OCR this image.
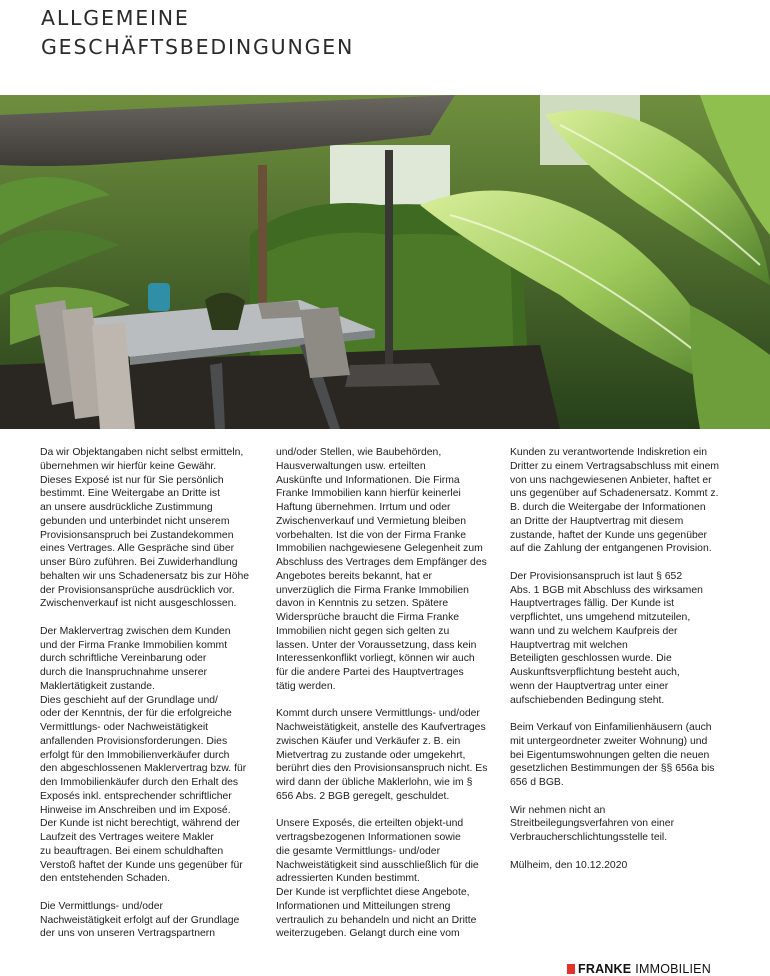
ALLGEMEINE
GESCHÄFTSBEDINGUNGEN

Da wir Objektangaben nicht selbst ermitteln,
übernehmen wir hierfür keine Gewähr.
Dieses Exposé ist nur für Sie persönlich
bestimmt. Eine Weitergabe an Dritte ist
an unsere ausdrückliche Zustimmung
gebunden und unterbindet nicht unserem
Provisionsanspruch bei Zustandekommen
eines Vertrages. Alle Gespräche sind über
unser Büro zuführen. Bei Zuwiderhandlung
behalten wir uns Schadenersatz bis zur Höhe
der Provisionsansprüche ausdrücklich vor.
Zwischenverkauf ist nicht ausgeschlossen.

Der Maklervertrag zwischen dem Kunden
und der Firma Franke Immobilien kommt
durch schriftliche Vereinbarung oder
durch die Inanspruchnahme unserer
Maklertätigkeit zustande.
Dies geschieht auf der Grundlage und/
oder der Kenntnis, der für die erfolgreiche
Vermittlungs- oder Nachweistätigkeit
anfallenden Provisionsforderungen. Dies
erfolgt für den Immobilienverkäufer durch
den abgeschlossenen Maklervertrag bzw. für
den Immobilienkäufer durch den Erhalt des
Exposés inkl. entsprechender schriftlicher
Hinweise im Anschreiben und im Exposé.
Der Kunde ist nicht berechtigt, während der
Laufzeit des Vertrages weitere Makler
zu beauftragen. Bei einem schuldhaften
Verstoß haftet der Kunde uns gegenüber für
den entstehenden Schaden.

Die Vermittlungs- und/oder
Nachweistätigkeit erfolgt auf der Grundlage
der uns von unseren Vertragspartnern

und/oder Stellen, wie Baubehörden,
Hausverwaltungen usw. erteilten
Auskünfte und Informationen. Die Firma
Franke Immobilien kann hierfür keinerlei
Haftung übernehmen. Irrtum und oder
Zwischenverkauf und Vermietung bleiben
vorbehalten. Ist die von der Firma Franke
Immobilien nachgewiesene Gelegenheit zum
Abschluss des Vertrages dem Empfänger des
Angebotes bereits bekannt, hat er
unverzüglich die Firma Franke Immobilien
davon in Kenntnis zu setzen. Spätere
Widersprüche braucht die Firma Franke
Immobilien nicht gegen sich gelten zu
lassen. Unter der Voraussetzung, dass kein
Interessenkonflikt vorliegt, können wir auch
für die andere Partei des Hauptvertrages
tätig werden.

Kommt durch unsere Vermittlungs- und/oder
Nachweistätigkeit, anstelle des Kaufvertrages
zwischen Käufer und Verkäufer z. B. ein
Mietvertrag zu zustande oder umgekehrt,
berührt dies den Provisionsanspruch nicht. Es
wird dann der übliche Maklerlohn, wie im §
656 Abs. 2 BGB geregelt, geschuldet.

Unsere Exposés, die erteilten objekt-und
vertragsbezogenen Informationen sowie
die gesamte Vermittlungs- und/oder
Nachweistätigkeit sind ausschließlich für die
adressierten Kunden bestimmt.
Der Kunde ist verpflichtet diese Angebote,
Informationen und Mitteilungen streng
vertraulich zu behandeln und nicht an Dritte
weiterzugeben. Gelangt durch eine vom

Kunden zu verantwortende Indiskretion ein
Dritter zu einem Vertragsabschluss mit einem
von uns nachgewiesenen Anbieter, haftet er
uns gegenüber auf Schadenersatz. Kommt z.
B. durch die Weitergabe der Informationen
an Dritte der Hauptvertrag mit diesem
zustande, haftet der Kunde uns gegenüber
auf die Zahlung der entgangenen Provision.

Der Provisionsanspruch ist laut § 652
Abs. 1 BGB mit Abschluss des wirksamen
Hauptvertrages fällig. Der Kunde ist
verpflichtet, uns umgehend mitzuteilen,
wann und zu welchem Kaufpreis der
Hauptvertrag mit welchen
Beteiligten geschlossen wurde. Die
Auskunftsverpflichtung besteht auch,
wenn der Hauptvertrag unter einer
aufschiebenden Bedingung steht.

Beim Verkauf von Einfamilienhäusern (auch
mit untergeordneter zweiter Wohnung) und
bei Eigentumswohnungen gelten die neuen
gesetzlichen Bestimmungen der §§ 656a bis
656 d BGB.

Wir nehmen nicht an
Streitbeilegungsverfahren von einer
Verbraucherschlichtungsstelle teil.

Mülheim, den 10.12.2020

FRANKE IMMOBILIEN
